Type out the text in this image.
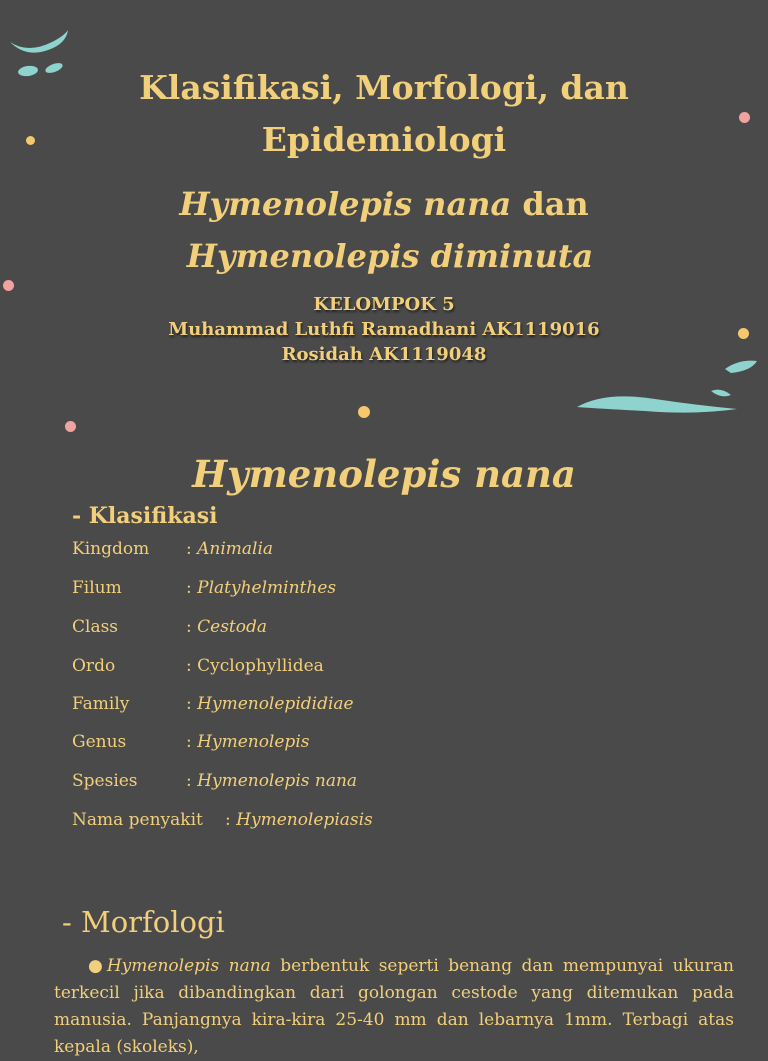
Klasifikasi, Morfologi, dan
Epidemiologi
Hymenolepis nana dan
Hymenolepis diminuta
KELOMPOK 5
Muhammad Luthfi Ramadhani AK1119016
Rosidah AK1119048
Hymenolepis nana
- Klasifikasi
Kingdom : Animalia
Filum	: Platyhelminthes
Class	: Cestoda
Ordo	: Cyclophyllidea
Family	: Hymenolepididiae
Genus	: Hymenolepis
Spesies	: Hymenolepis nana
Nama penyakit : Hymenolepiasis
- Morfologi
●Hymenolepis nana berbentuk seperti benang dan mempunyai ukuran terkecil jika dibandingkan dari golongan cestode yang ditemukan pada manusia. Panjangnya kira-kira 25-40 mm dan lebarnya 1mm. Terbagi atas kepala (skoleks),
